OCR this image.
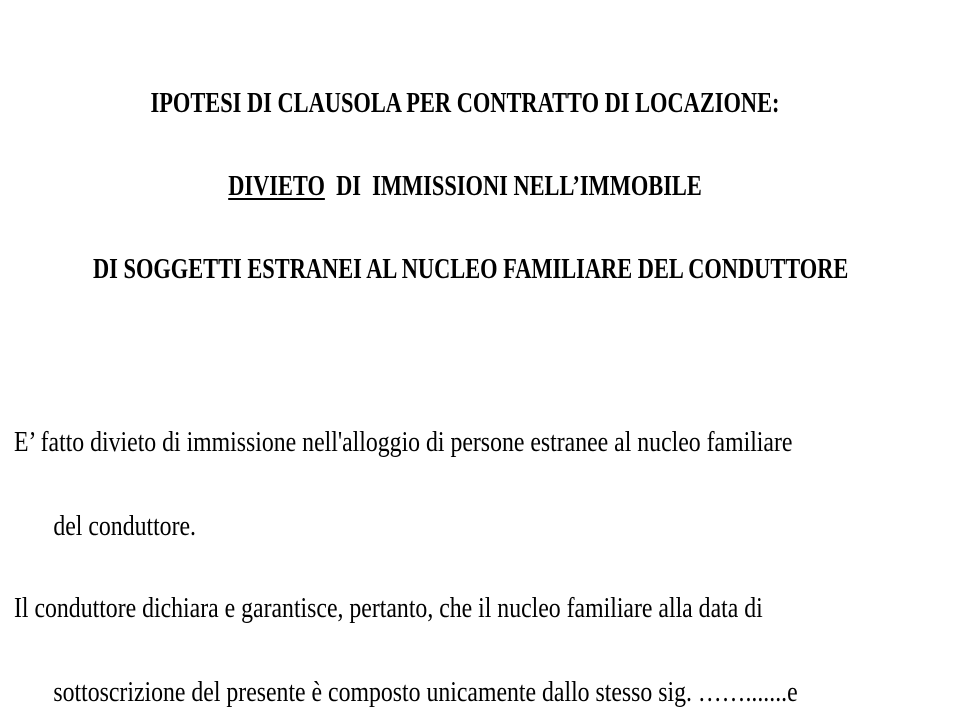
IPOTESI DI CLAUSOLA PER CONTRATTO DI LOCAZIONE:
DIVIETO  DI  IMMISSIONI NELL’IMMOBILE
DI SOGGETTI ESTRANEI AL NUCLEO FAMILIARE DEL CONDUTTORE
E’ fatto divieto di immissione nell'alloggio di persone estranee al nucleo familiare
del conduttore.
Il conduttore dichiara e garantisce, pertanto, che il nucleo familiare alla data di
sottoscrizione del presente è composto unicamente dallo stesso sig. …….......e
